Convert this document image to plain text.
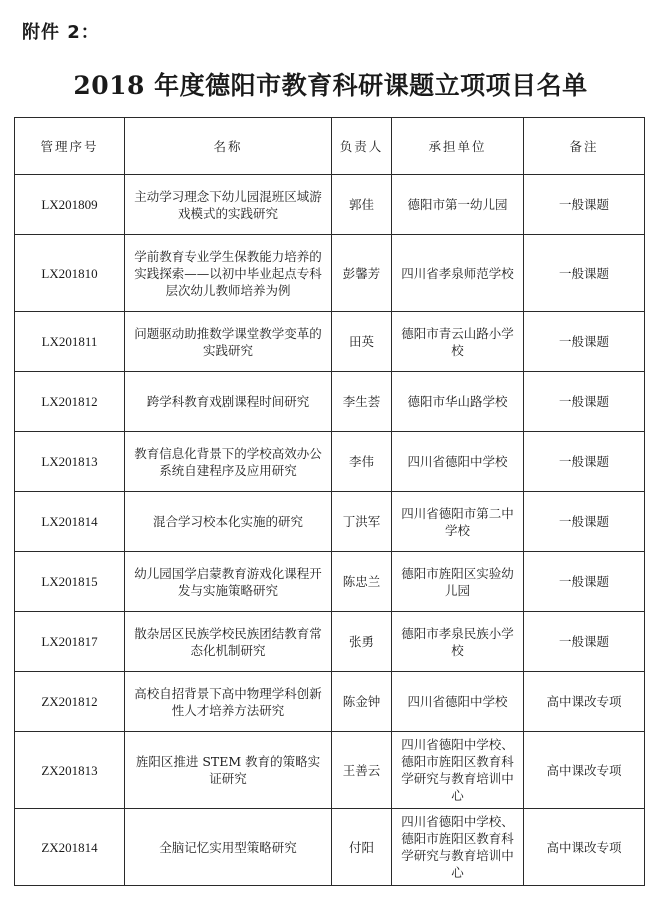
附件 2：
2018 年度德阳市教育科研课题立项项目名单
管理序号	名称	负责人	承担单位	备注
LX201809	主动学习理念下幼儿园混班区域游戏模式的实践研究	郭佳	德阳市第一幼儿园	一般课题
LX201810	学前教育专业学生保教能力培养的实践探索——以初中毕业起点专科层次幼儿教师培养为例	彭馨芳	四川省孝泉师范学校	一般课题
LX201811	问题驱动助推数学课堂教学变革的实践研究	田英	德阳市青云山路小学校	一般课题
LX201812	跨学科教育戏剧课程时间研究	李生荟	德阳市华山路学校	一般课题
LX201813	教育信息化背景下的学校高效办公系统自建程序及应用研究	李伟	四川省德阳中学校	一般课题
LX201814	混合学习校本化实施的研究	丁洪军	四川省德阳市第二中学校	一般课题
LX201815	幼儿园国学启蒙教育游戏化课程开发与实施策略研究	陈忠兰	德阳市旌阳区实验幼儿园	一般课题
LX201817	散杂居区民族学校民族团结教育常态化机制研究	张勇	德阳市孝泉民族小学校	一般课题
ZX201812	高校自招背景下高中物理学科创新性人才培养方法研究	陈金钟	四川省德阳中学校	高中课改专项
ZX201813	旌阳区推进 STEM 教育的策略实证研究	王善云	四川省德阳中学校、德阳市旌阳区教育科学研究与教育培训中心	高中课改专项
ZX201814	全脑记忆实用型策略研究	付阳	四川省德阳中学校、德阳市旌阳区教育科学研究与教育培训中心	高中课改专项
